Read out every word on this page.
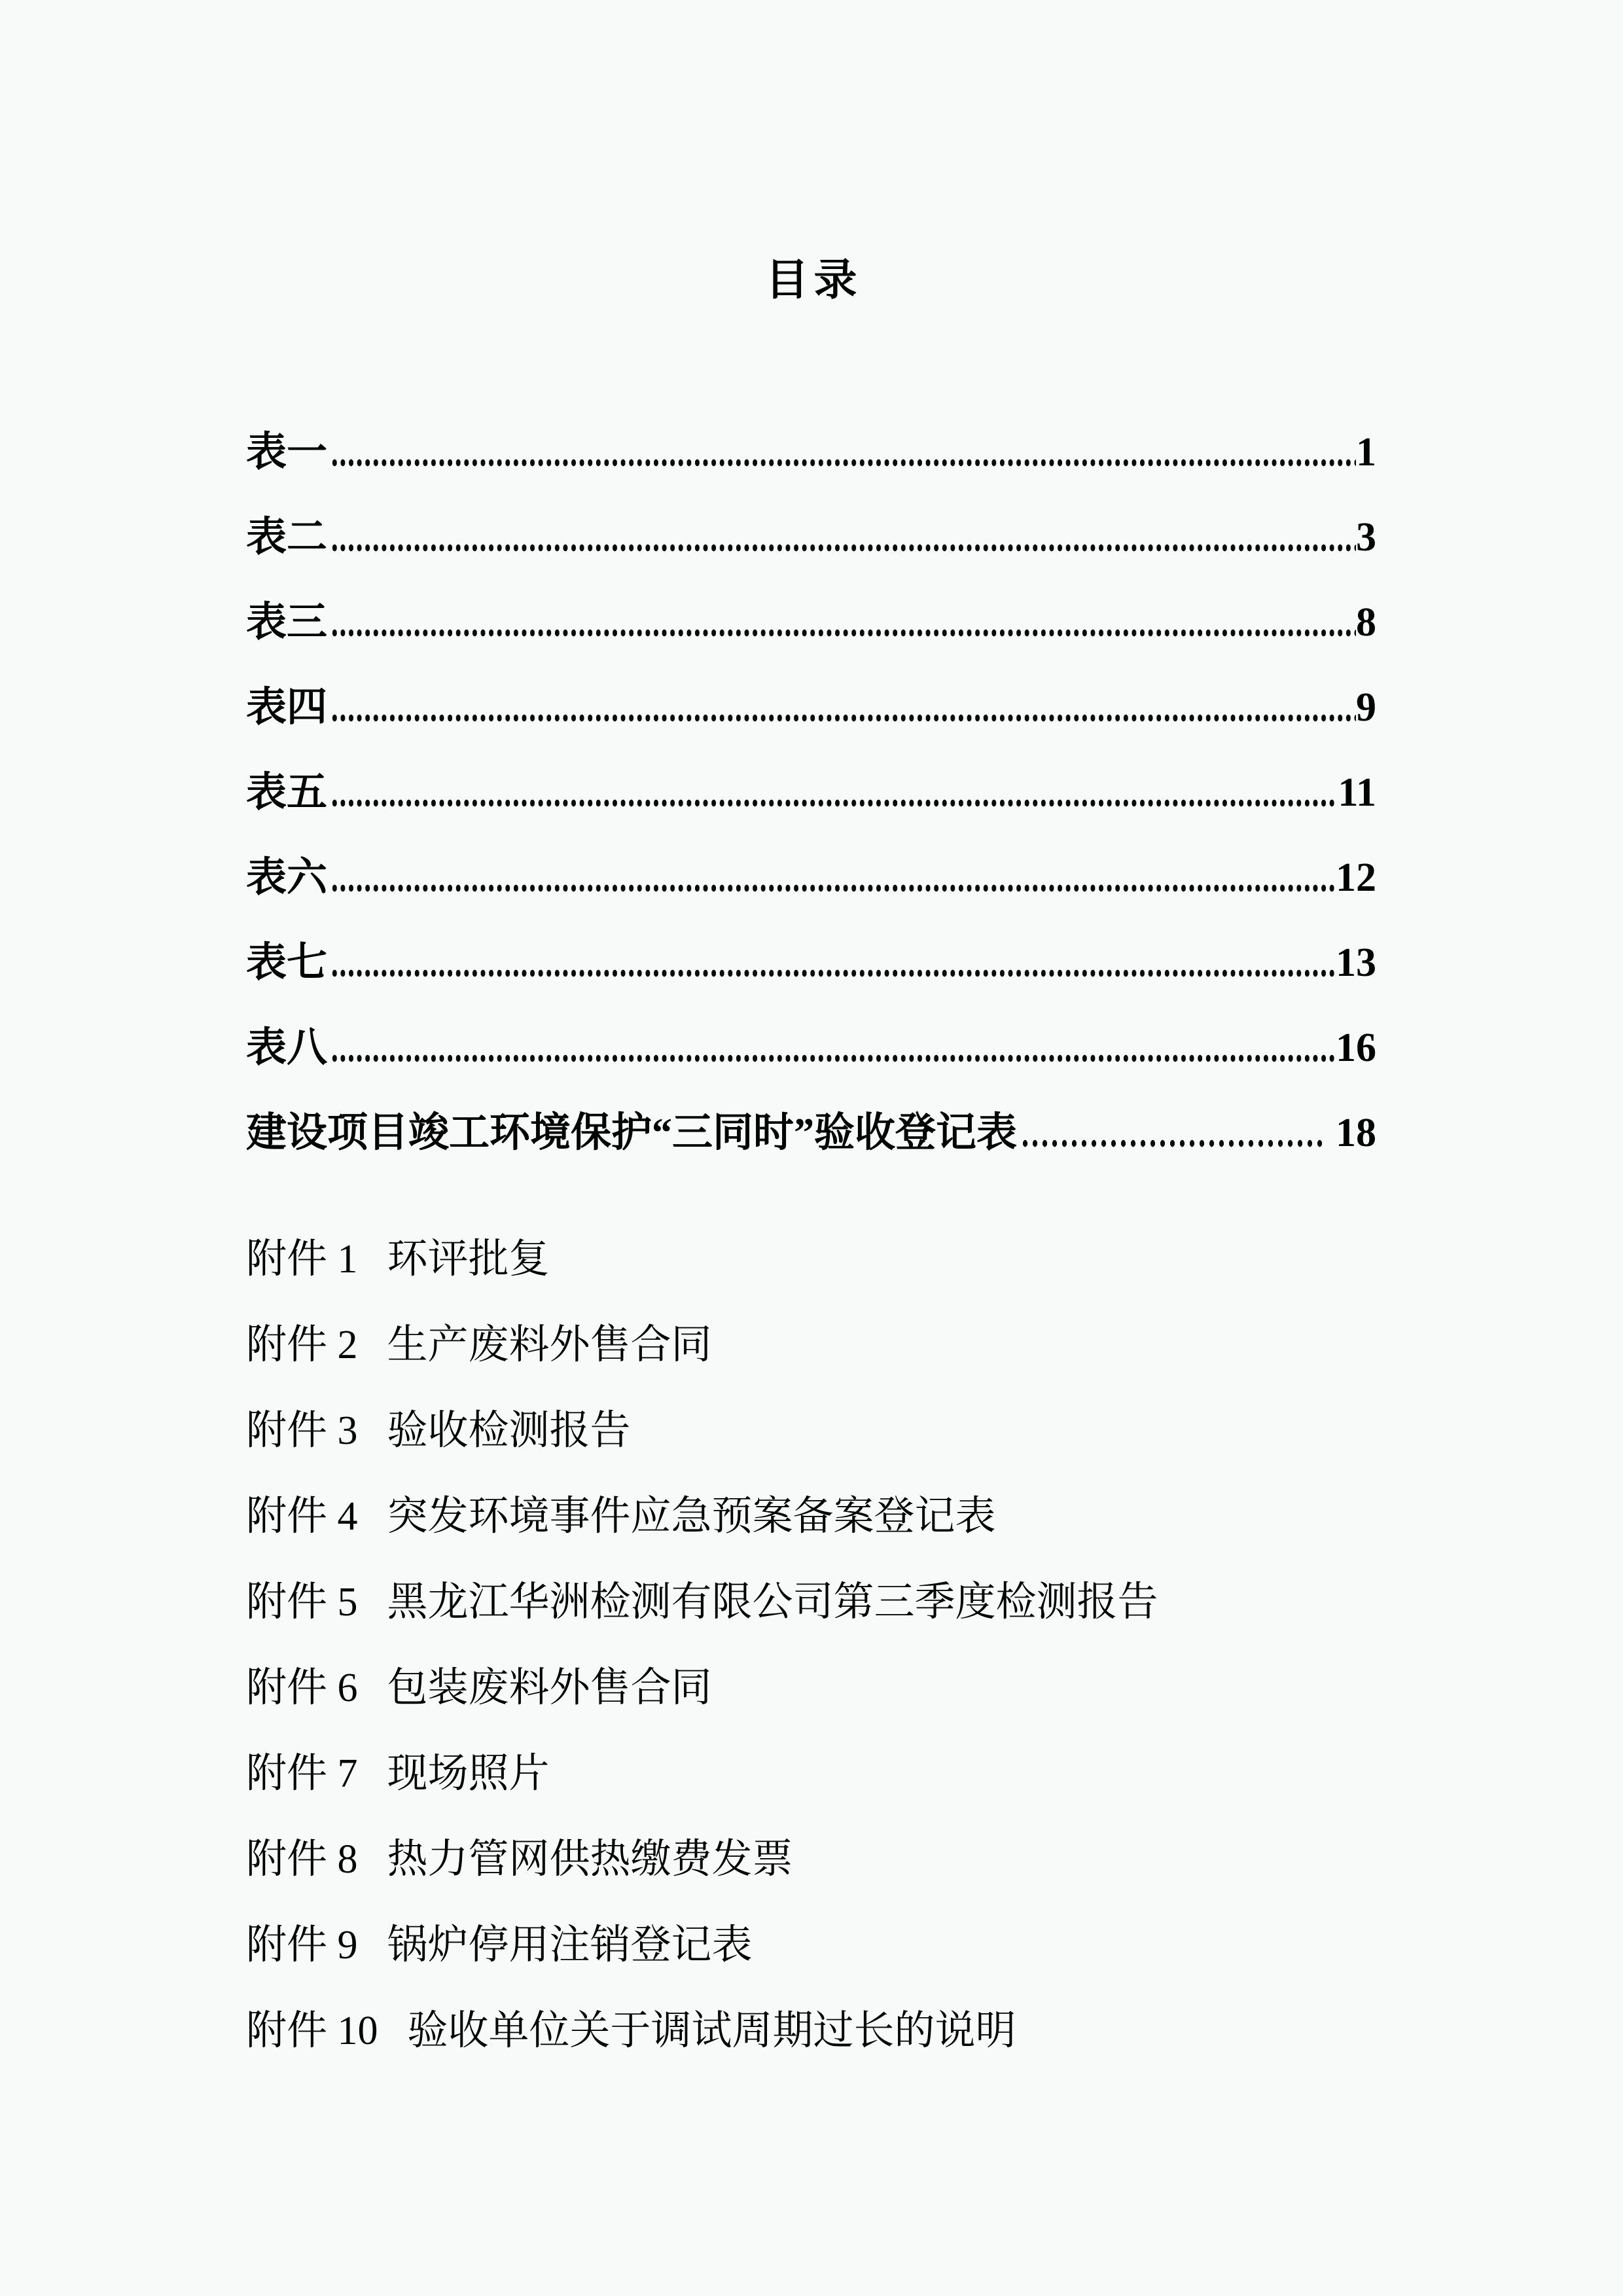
目录
表一	1
表二	3
表三	8
表四	9
表五	11
表六	12
表七	13
表八	16
建设项目竣工环境保护“三同时”验收登记表	18
附件 1 环评批复
附件 2 生产废料外售合同
附件 3 验收检测报告
附件 4 突发环境事件应急预案备案登记表
附件 5 黑龙江华洲检测有限公司第三季度检测报告
附件 6 包装废料外售合同
附件 7 现场照片
附件 8 热力管网供热缴费发票
附件 9 锅炉停用注销登记表
附件 10 验收单位关于调试周期过长的说明
